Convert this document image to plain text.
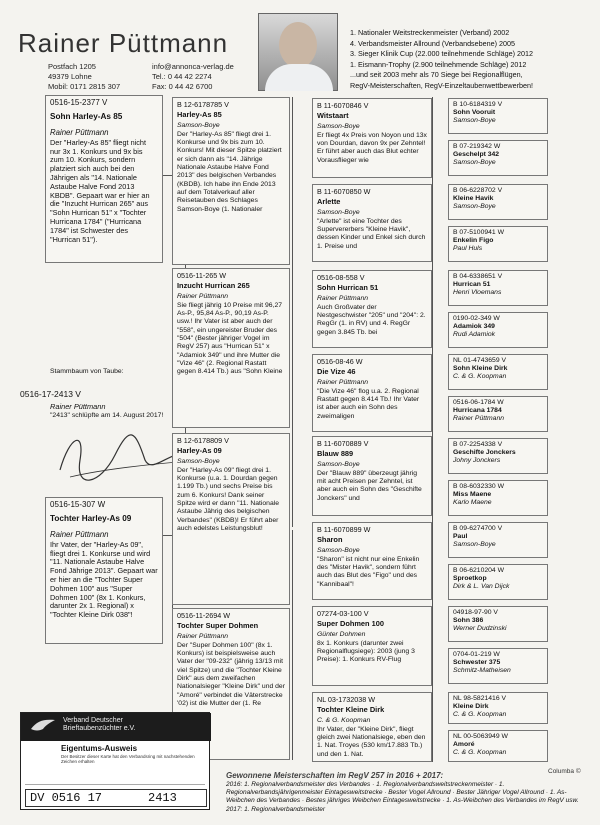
Rainer Püttmann
Postfach 1205
49379 Lohne
Mobil: 0171 2815 307
info@annonca-verlag.de
Tel.: 0 44 42 2274
Fax: 0 44 42 6700
1. Nationaler Weitstreckenmeister (Verband) 2002
4. Verbandsmeister Allround (Verbandsebene) 2005
3. Sieger Klinik Cup (22.000 teilnehmende Schläge) 2012
1. Eismann-Trophy (2.900 teilnehmende Schläge) 2012
...und seit 2003 mehr als 70 Siege bei Regionalflügen,
RegV-Meisterschaften, RegV-Einzeltaubenwettbewerben!
0516-15-2377 V
Sohn Harley-As 85
Rainer Püttmann
Der "Harley-As 85" fliegt nicht nur 3x 1. Konkurs und 9x bis zum 10. Konkurs, sondern platziert sich auch bei den Jährigen als "14. Nationale Astaube Halve Fond 2013 KBDB". Gepaart war er hier an die "Inzucht Hurrican 265" aus "Sohn Hurrican 51" x "Tochter Hurricana 1784" ("Hurricana 1784" ist Schwester des "Hurrican 51").
0516-15-307 W
Tochter Harley-As 09
Rainer Püttmann
Ihr Vater, der "Harley-As 09", fliegt drei 1. Konkurse und wird "11. Nationale Astaube Halve Fond Jährige 2013". Gepaart war er hier an die "Tochter Super Dohmen 100" aus "Super Dohmen 100" (8x 1. Konkurs, darunter 2x 1. Regional) x "Tochter Kleine Dirk 038"!
Stammbaum von Taube:
0516-17-2413 V
Rainer Püttmann
"2413" schlüpfte am 14. August 2017!
B 12-6178785 V
Harley-As 85
Samson-Boye
Der "Harley-As 85" fliegt drei 1. Konkurse und 9x bis zum 10. Konkurs! Mit dieser Spitze platziert er sich dann als "14. Jährige Nationale Astaube Halve Fond 2013" des belgischen Verbandes (KBDB). Ich habe ihn Ende 2013 auf dem Totalverkauf aller Reisetauben des Schlages Samson-Boye (1. Nationaler
0516-11-265 W
Inzucht Hurrican 265
Rainer Püttmann
Sie fliegt jährig 10 Preise mit 96,27 As-P., 95,84 As-P., 90,19 As-P. usw.! Ihr Vater ist aber auch der "558", ein ungereister Bruder des "504" (Bester jähriger Vogel im RegV 257) aus "Hurrican 51" x "Adamiok 349" und ihre Mutter die "Vize 46" (2. Regional Rastatt gegen 8.414 Tb.) aus "Sohn Kleine
B 12-6178809 V
Harley-As 09
Samson-Boye
Der "Harley-As 09" fliegt drei 1. Konkurse (u.a. 1. Dourdan gegen 1.199 Tb.) und sechs Preise bis zum 6. Konkurs! Dank seiner Spitze wird er dann "11. Nationale Astaube Jährig des belgischen Verbandes" (KBDB)! Er führt aber auch edelstes Leistungsblut!
0516-11-2694 W
Tochter Super Dohmen
Rainer Püttmann
Der "Super Dohmen 100" (8x 1. Konkurs) ist beispielsweise auch Vater der "09-232" (jährig 13/13 mit viel Spitze) und die "Tochter Kleine Dirk" aus dem zweifachen Nationalsieger "Kleine Dirk" und der "Amoré" verbindet die Väterstrecke '02) ist die Mutter der (1. Re
B 11-6070846 V
Witstaart
Samson-Boye
Er fliegt 4x Preis von Noyon und 13x von Dourdan, davon 9x per Zehntel! Er führt aber auch das Blut echter Vorausflieger wie
B 11-6070850 W
Arlette
Samson-Boye
"Arlette" ist eine Tochter des Supervererbers "Kleine Havik", dessen Kinder und Enkel sich durch 1. Preise und
0516-08-558 V
Sohn Hurrican 51
Rainer Püttmann
Auch Großvater der Nestgeschwister "205" und "204": 2. RegGr (1. in RV) und 4. RegGr gegen 3.845 Tb. bei
0516-08-46 W
Die Vize 46
Rainer Püttmann
"Die Vize 46" flog u.a. 2. Regional Rastatt gegen 8.414 Tb.! Ihr Vater ist aber auch ein Sohn des zweimaligen
B 11-6070889 V
Blauw 889
Samson-Boye
Der "Blauw 889" überzeugt jährig mit acht Preisen per Zehntel, ist aber auch ein Sohn des "Geschifte Jonckers" und
B 11-6070899 W
Sharon
Samson-Boye
"Sharon" ist nicht nur eine Enkelin des "Mister Havik", sondern führt auch das Blut des "Figo" und des "Kannibaal"!
07274-03-100 V
Super Dohmen 100
Günter Dohmen
8x 1. Konkurs (darunter zwei Regionalflugsiege): 2003 (jung 3 Preise): 1. Konkurs RV-Flug
NL 03-1732038 W
Tochter Kleine Dirk
C. & G. Koopman
Ihr Vater, der "Kleine Dirk", fliegt gleich zwei Nationalsiege, eben den 1. Nat. Troyes (530 km/17.883 Tb.) und den 1. Nat.
B 10-6184319 V
Sohn Vooruit
Samson-Boye
B 07-219342 W
Geschelpt 342
Samson-Boye
B 06-6228702 V
Kleine Havik
Samson-Boye
B 07-5100941 W
Enkelin Figo
Paul Huls
B 04-6338651 V
Hurrican 51
Henri Vloemans
0190-02-349 W
Adamiok 349
Rudi Adamiok
NL 01-4743659 V
Sohn Kleine Dirk
C. & G. Koopman
0516-06-1784 W
Hurricana 1784
Rainer Püttmann
B 07-2254338 V
Geschifte Jonckers
Johny Jonckers
B 08-6032330 W
Miss Maene
Karlo Maene
B 09-6274700 V
Paul
Samson-Boye
B 06-6210204 W
Sproetkop
Dirk & L. Van Dijck
04918-97-90 V
Sohn 386
Werner Dudzinski
0704-01-219 W
Schwester 375
Schmitz-Matheisen
NL 98-5821416 V
Kleine Dirk
C. & G. Koopman
NL 00-5063949 W
Amoré
C. & G. Koopman
Verband Deutscher
Brieftaubenzüchter e.V.
Eigentums-Ausweis
Der Besitzer dieser Karte hat den Verbandsring mit nachstehenden Zeichen erhalten
DV 0516 17	2413
Gewonnene Meisterschaften im RegV 257 in 2016 + 2017:	Columba ©
2016: 1. Regionalverbandsmeister des Verbandes · 1. Regionalverbandsweitstreckenmeister · 1. Regionalverbandsjährigenmeister Eintagesweitstrecke · Bester Vogel Allround · Bester Jähriger Vogel Allround · 1. As-Weibchen des Verbandes · Bestes jähriges Weibchen Eintagesweitstrecke · 1. As-Weibchen des Verbandes im RegV usw. 2017: 1. Regionalverbandsmeister
